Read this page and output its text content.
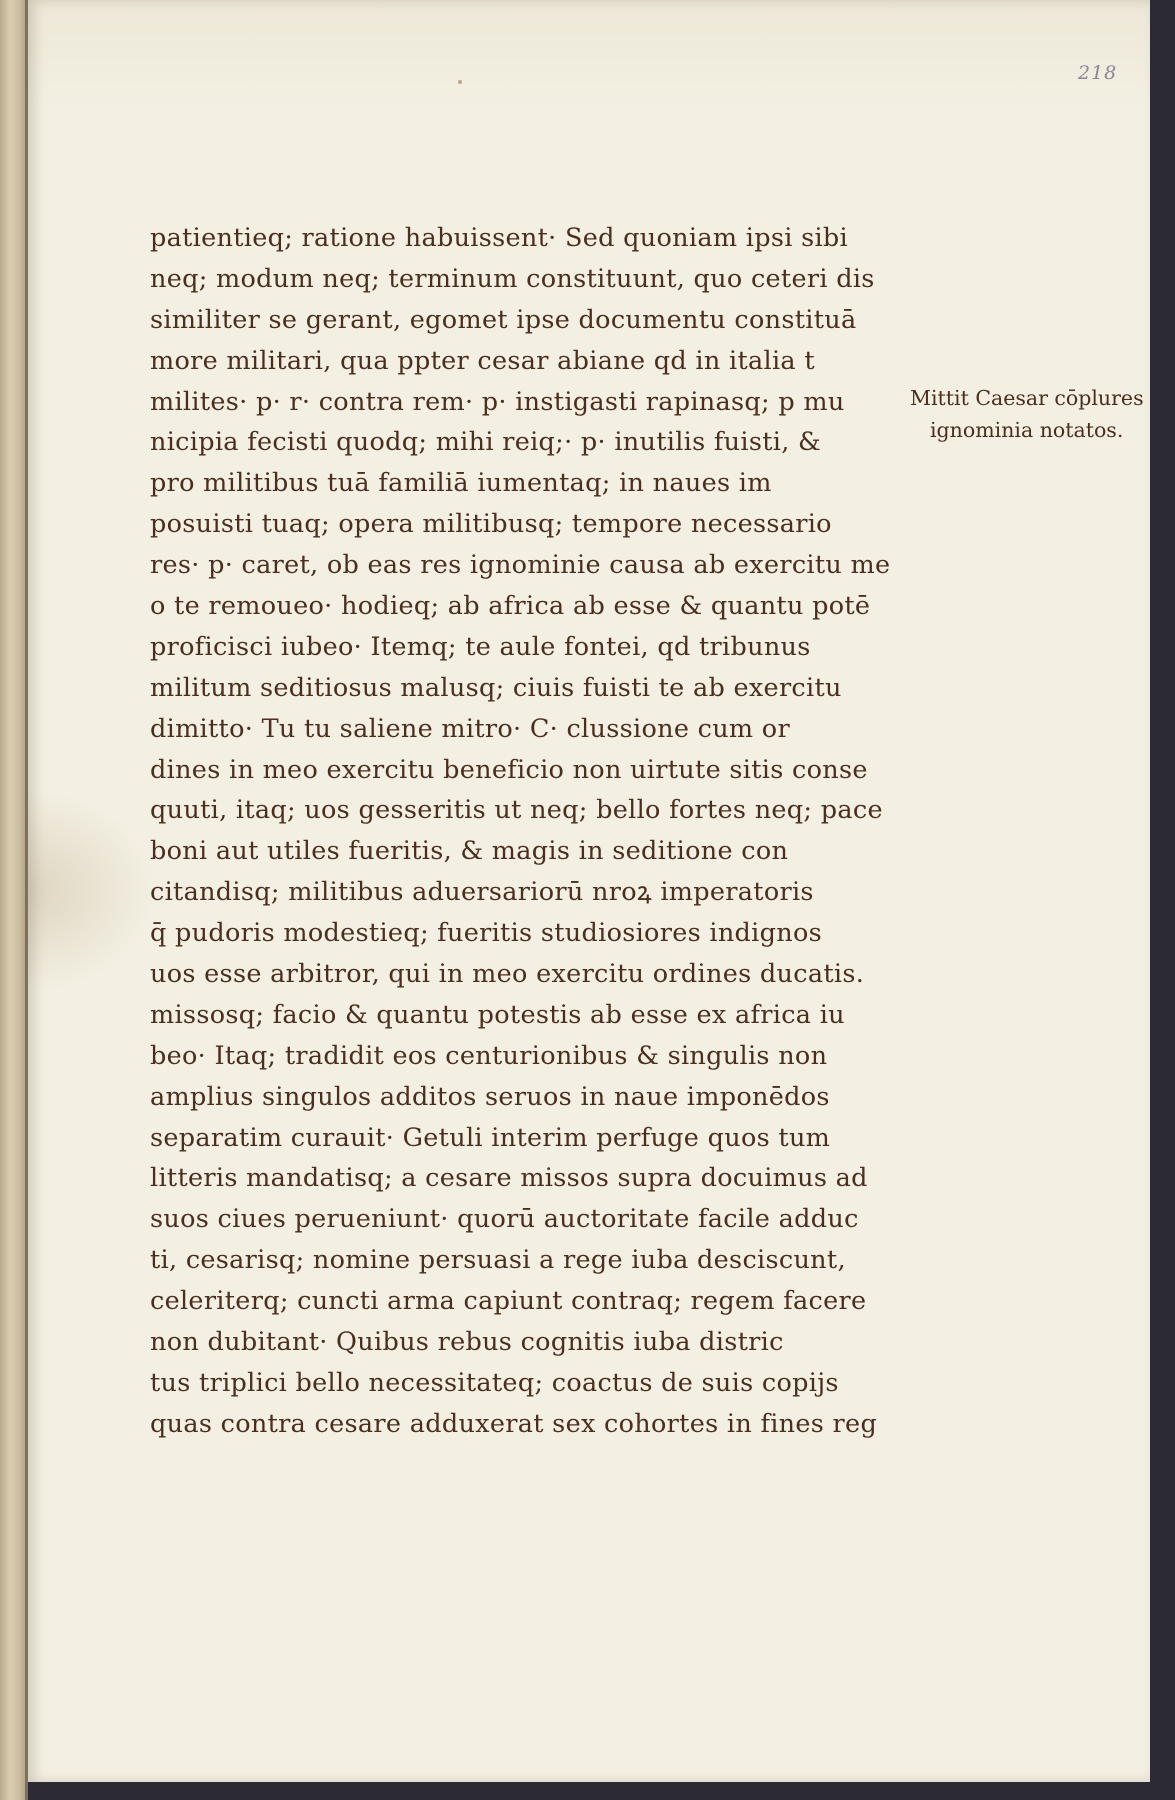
218
patientieq; ratione habuissent· Sed quoniam ipsi sibi
neq; modum neq; terminum constituunt, quo ceteri dis
similiter se gerant, egomet ipse documentu constituā
more militari, qua ppter cesar abiane qd in italia t
milites· p· r· contra rem· p· instigasti rapinasq; p mu
nicipia fecisti quodq; mihi reiq;· p· inutilis fuisti, &
pro militibus tuā familiā iumentaq; in naues im
posuisti tuaq; opera militibusq; tempore necessario
res· p· caret, ob eas res ignominie causa ab exercitu me
o te remoueo· hodieq; ab africa ab esse & quantu potē
proficisci iubeo· Itemq; te aule fontei, qd tribunus
militum seditiosus malusq; ciuis fuisti te ab exercitu
dimitto· Tu tu saliene mitro· C· clussione cum or
dines in meo exercitu beneficio non uirtute sitis conse
quuti, itaq; uos gesseritis ut neq; bello fortes neq; pace
boni aut utiles fueritis, & magis in seditione con
citandisq; militibus aduersariorū nroꝝ imperatoris
q̄ pudoris modestieq; fueritis studiosiores indignos
uos esse arbitror, qui in meo exercitu ordines ducatis.
missosq; facio & quantu potestis ab esse ex africa iu
beo· Itaq; tradidit eos centurionibus & singulis non
amplius singulos additos seruos in naue imponēdos
separatim curauit· Getuli interim perfuge quos tum
litteris mandatisq; a cesare missos supra docuimus ad
suos ciues perueniunt· quorū auctoritate facile adduc
ti, cesarisq; nomine persuasi a rege iuba desciscunt,
celeriterq; cuncti arma capiunt contraq; regem facere
non dubitant· Quibus rebus cognitis iuba distric
tus triplici bello necessitateq; coactus de suis copijs
quas contra cesare adduxerat sex cohortes in fines reg
Mittit Caesar cōplures
ignominia notatos.
